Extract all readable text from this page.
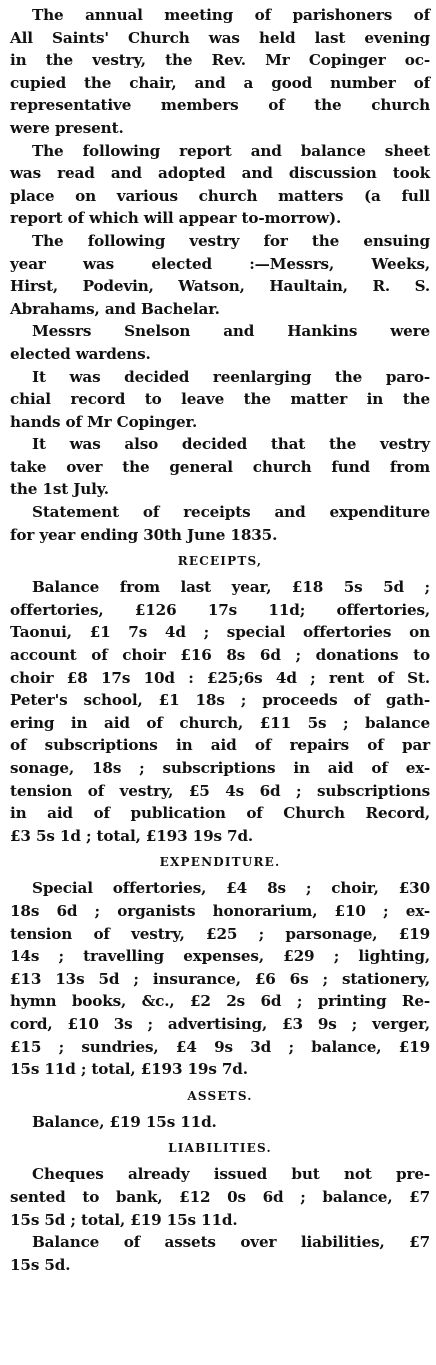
The annual meeting of parishoners of
All Saints' Church was held last evening
in the vestry, the Rev. Mr Copinger oc-
cupied the chair, and a good number of
representative members of the church
were present.
The following report and balance sheet
was read and adopted and discussion took
place on various church matters (a full
report of which will appear to-morrow).
The following vestry for the ensuing
year was elected :—Messrs, Weeks,
Hirst, Podevin, Watson, Haultain, R. S.
Abrahams, and Bachelar.
Messrs Snelson and Hankins were
elected wardens.
It was decided reenlarging the paro-
chial record to leave the matter in the
hands of Mr Copinger.
It was also decided that the vestry
take over the general church fund from
the 1st July.
Statement of receipts and expenditure
for year ending 30th June 1835.
RECEIPTS,
Balance from last year, £18 5s 5d ;
offertories, £126 17s 11d; offertories,
Taonui, £1 7s 4d ; special offertories on
account of choir £16 8s 6d ; donations to
choir £8 17s 10d : £25;6s 4d ; rent of St.
Peter's school, £1 18s ; proceeds of gath-
ering in aid of church, £11 5s ; balance
of subscriptions in aid of repairs of par
sonage, 18s ; subscriptions in aid of ex-
tension of vestry, £5 4s 6d ; subscriptions
in aid of publication of Church Record,
£3 5s 1d ; total, £193 19s 7d.
EXPENDITURE.
Special offertories, £4 8s ; choir, £30
18s 6d ; organists honorarium, £10 ; ex-
tension of vestry, £25 ; parsonage, £19
14s ; travelling expenses, £29 ; lighting,
£13 13s 5d ; insurance, £6 6s ; stationery,
hymn books, &c., £2 2s 6d ; printing Re-
cord, £10 3s ; advertising, £3 9s ; verger,
£15 ; sundries, £4 9s 3d ; balance, £19
15s 11d ; total, £193 19s 7d.
ASSETS.
Balance, £19 15s 11d.
LIABILITIES.
Cheques already issued but not pre-
sented to bank, £12 0s 6d ; balance, £7
15s 5d ; total, £19 15s 11d.
Balance of assets over liabilities, £7
15s 5d.
